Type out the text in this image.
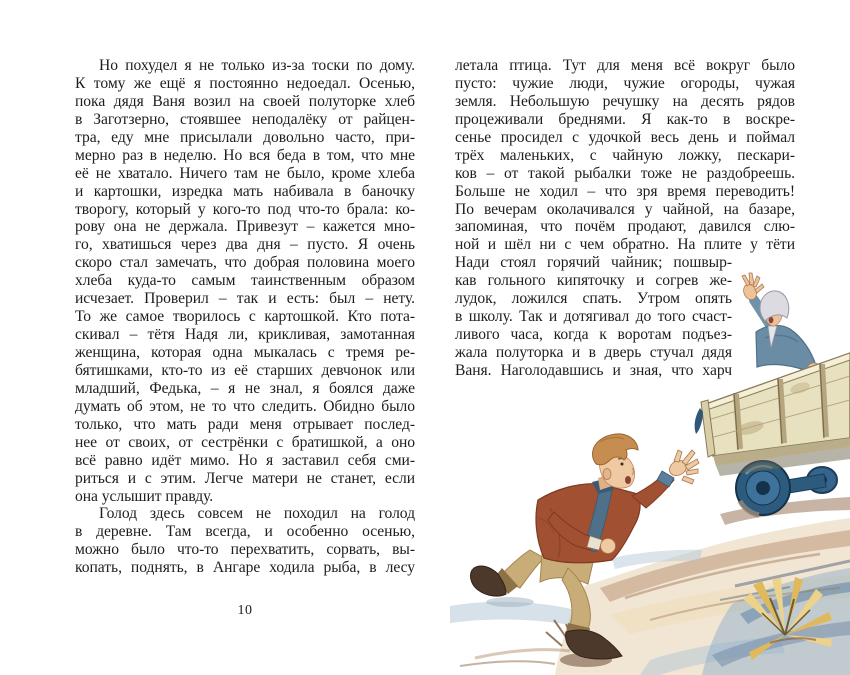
Но похудел я не только из-за тоски по дому.
К тому же ещё я постоянно недоедал. Осенью,
пока дядя Ваня возил на своей полуторке хлеб
в Заготзерно, стоявшее неподалёку от райцен-
тра, еду мне присылали довольно часто, при-
мерно раз в неделю. Но вся беда в том, что мне
её не хватало. Ничего там не было, кроме хлеба
и картошки, изредка мать набивала в баночку
творогу, который у кого-то под что-то брала: ко-
рову она не держала. Привезут – кажется мно-
го, хватишься через два дня – пусто. Я очень
скоро стал замечать, что добрая половина моего
хлеба куда-то самым таинственным образом
исчезает. Проверил – так и есть: был – нету.
То же самое творилось с картошкой. Кто пота-
скивал – тётя Надя ли, крикливая, замотанная
женщина, которая одна мыкалась с тремя ре-
бятишками, кто-то из её старших девчонок или
младший, Федька, – я не знал, я боялся даже
думать об этом, не то что следить. Обидно было
только, что мать ради меня отрывает послед-
нее от своих, от сестрёнки с братишкой, а оно
всё равно идёт мимо. Но я заставил себя сми-
риться и с этим. Легче матери не станет, если
она услышит правду.
Голод здесь совсем не походил на голод
в деревне. Там всегда, и особенно осенью,
можно было что-то перехватить, сорвать, вы-
копать, поднять, в Ангаре ходила рыба, в лесу
летала птица. Тут для меня всё вокруг было
пусто: чужие люди, чужие огороды, чужая
земля. Небольшую речушку на десять рядов
процеживали бреднями. Я как-то в воскре-
сенье просидел с удочкой весь день и поймал
трёх маленьких, с чайную ложку, пескари-
ков – от такой рыбалки тоже не раздобреешь.
Больше не ходил – что зря время переводить!
По вечерам околачивался у чайной, на базаре,
запоминая, что почём продают, давился слю-
ной и шёл ни с чем обратно. На плите у тёти
Нади стоял горячий чайник; пошвыр-
кав гольного кипяточку и согрев же-
лудок, ложился спать. Утром опять
в школу. Так и дотягивал до того счаст-
ливого часа, когда к воротам подъез-
жала полуторка и в дверь стучал дядя
Ваня. Наголодавшись и зная, что харч
10
